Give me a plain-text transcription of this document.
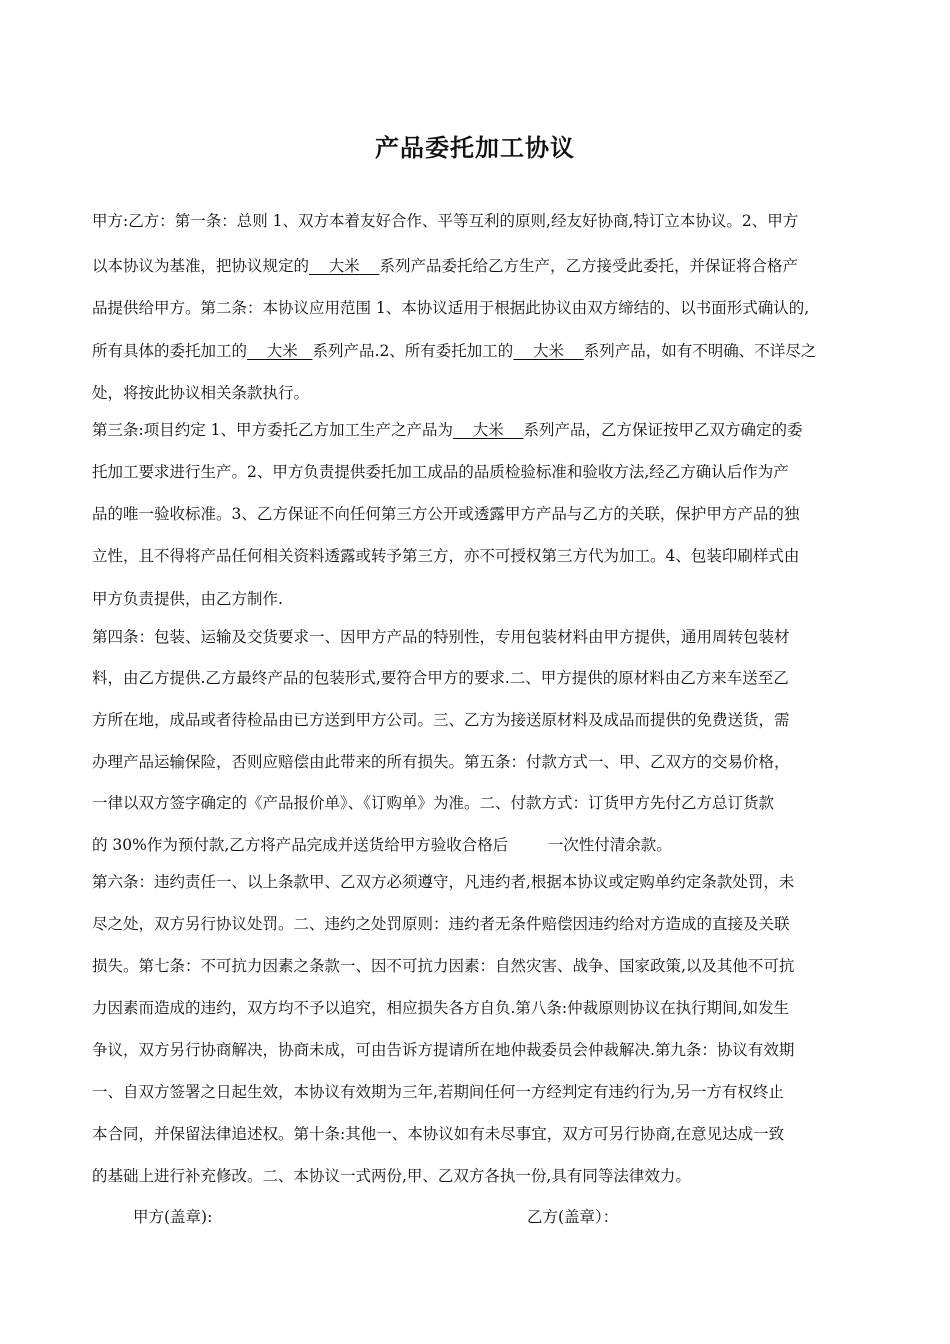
产品委托加工协议
甲方:乙方：第一条：总则 1、双方本着友好合作、平等互利的原则,经友好协商,特订立本协议。2、甲方
以本协议为基准，把协议规定的    大米    系列产品委托给乙方生产，乙方接受此委托，并保证将合格产
品提供给甲方。第二条：本协议应用范围 1、本协议适用于根据此协议由双方缔结的、以书面形式确认的,
所有具体的委托加工的    大米   系列产品.2、所有委托加工的    大米    系列产品，如有不明确、不详尽之
处，将按此协议相关条款执行。
第三条:项目约定 1、甲方委托乙方加工生产之产品为    大米    系列产品，乙方保证按甲乙双方确定的委
托加工要求进行生产。2、甲方负责提供委托加工成品的品质检验标准和验收方法,经乙方确认后作为产
品的唯一验收标准。3、乙方保证不向任何第三方公开或透露甲方产品与乙方的关联，保护甲方产品的独
立性，且不得将产品任何相关资料透露或转予第三方，亦不可授权第三方代为加工。4、包装印刷样式由
甲方负责提供，由乙方制作.
第四条：包装、运输及交货要求一、因甲方产品的特别性，专用包装材料由甲方提供，通用周转包装材
料，由乙方提供.乙方最终产品的包装形式,要符合甲方的要求.二、甲方提供的原材料由乙方来车送至乙
方所在地，成品或者待检品由已方送到甲方公司。三、乙方为接送原材料及成品而提供的免费送货，需
办理产品运输保险，否则应赔偿由此带来的所有损失。第五条：付款方式一、甲、乙双方的交易价格，
一律以双方签字确定的《产品报价单》、《订购单》为准。二、付款方式：订货甲方先付乙方总订货款
的 30%作为预付款,乙方将产品完成并送货给甲方验收合格后        一次性付清余款。
第六条：违约责任一、以上条款甲、乙双方必须遵守，凡违约者,根据本协议或定购单约定条款处罚，未
尽之处，双方另行协议处罚。二、违约之处罚原则：违约者无条件赔偿因违约给对方造成的直接及关联
损失。第七条：不可抗力因素之条款一、因不可抗力因素：自然灾害、战争、国家政策,以及其他不可抗
力因素而造成的违约，双方均不予以追究，相应损失各方自负.第八条:仲裁原则协议在执行期间,如发生
争议，双方另行协商解决，协商未成，可由告诉方提请所在地仲裁委员会仲裁解决.第九条：协议有效期
一、自双方签署之日起生效，本协议有效期为三年,若期间任何一方经判定有违约行为,另一方有权终止
本合同，并保留法律追述权。第十条:其他一、本协议如有未尽事宜，双方可另行协商,在意见达成一致
的基础上进行补充修改。二、本协议一式两份,甲、乙双方各执一份,具有同等法律效力。
甲方(盖章):	乙方(盖章）：
